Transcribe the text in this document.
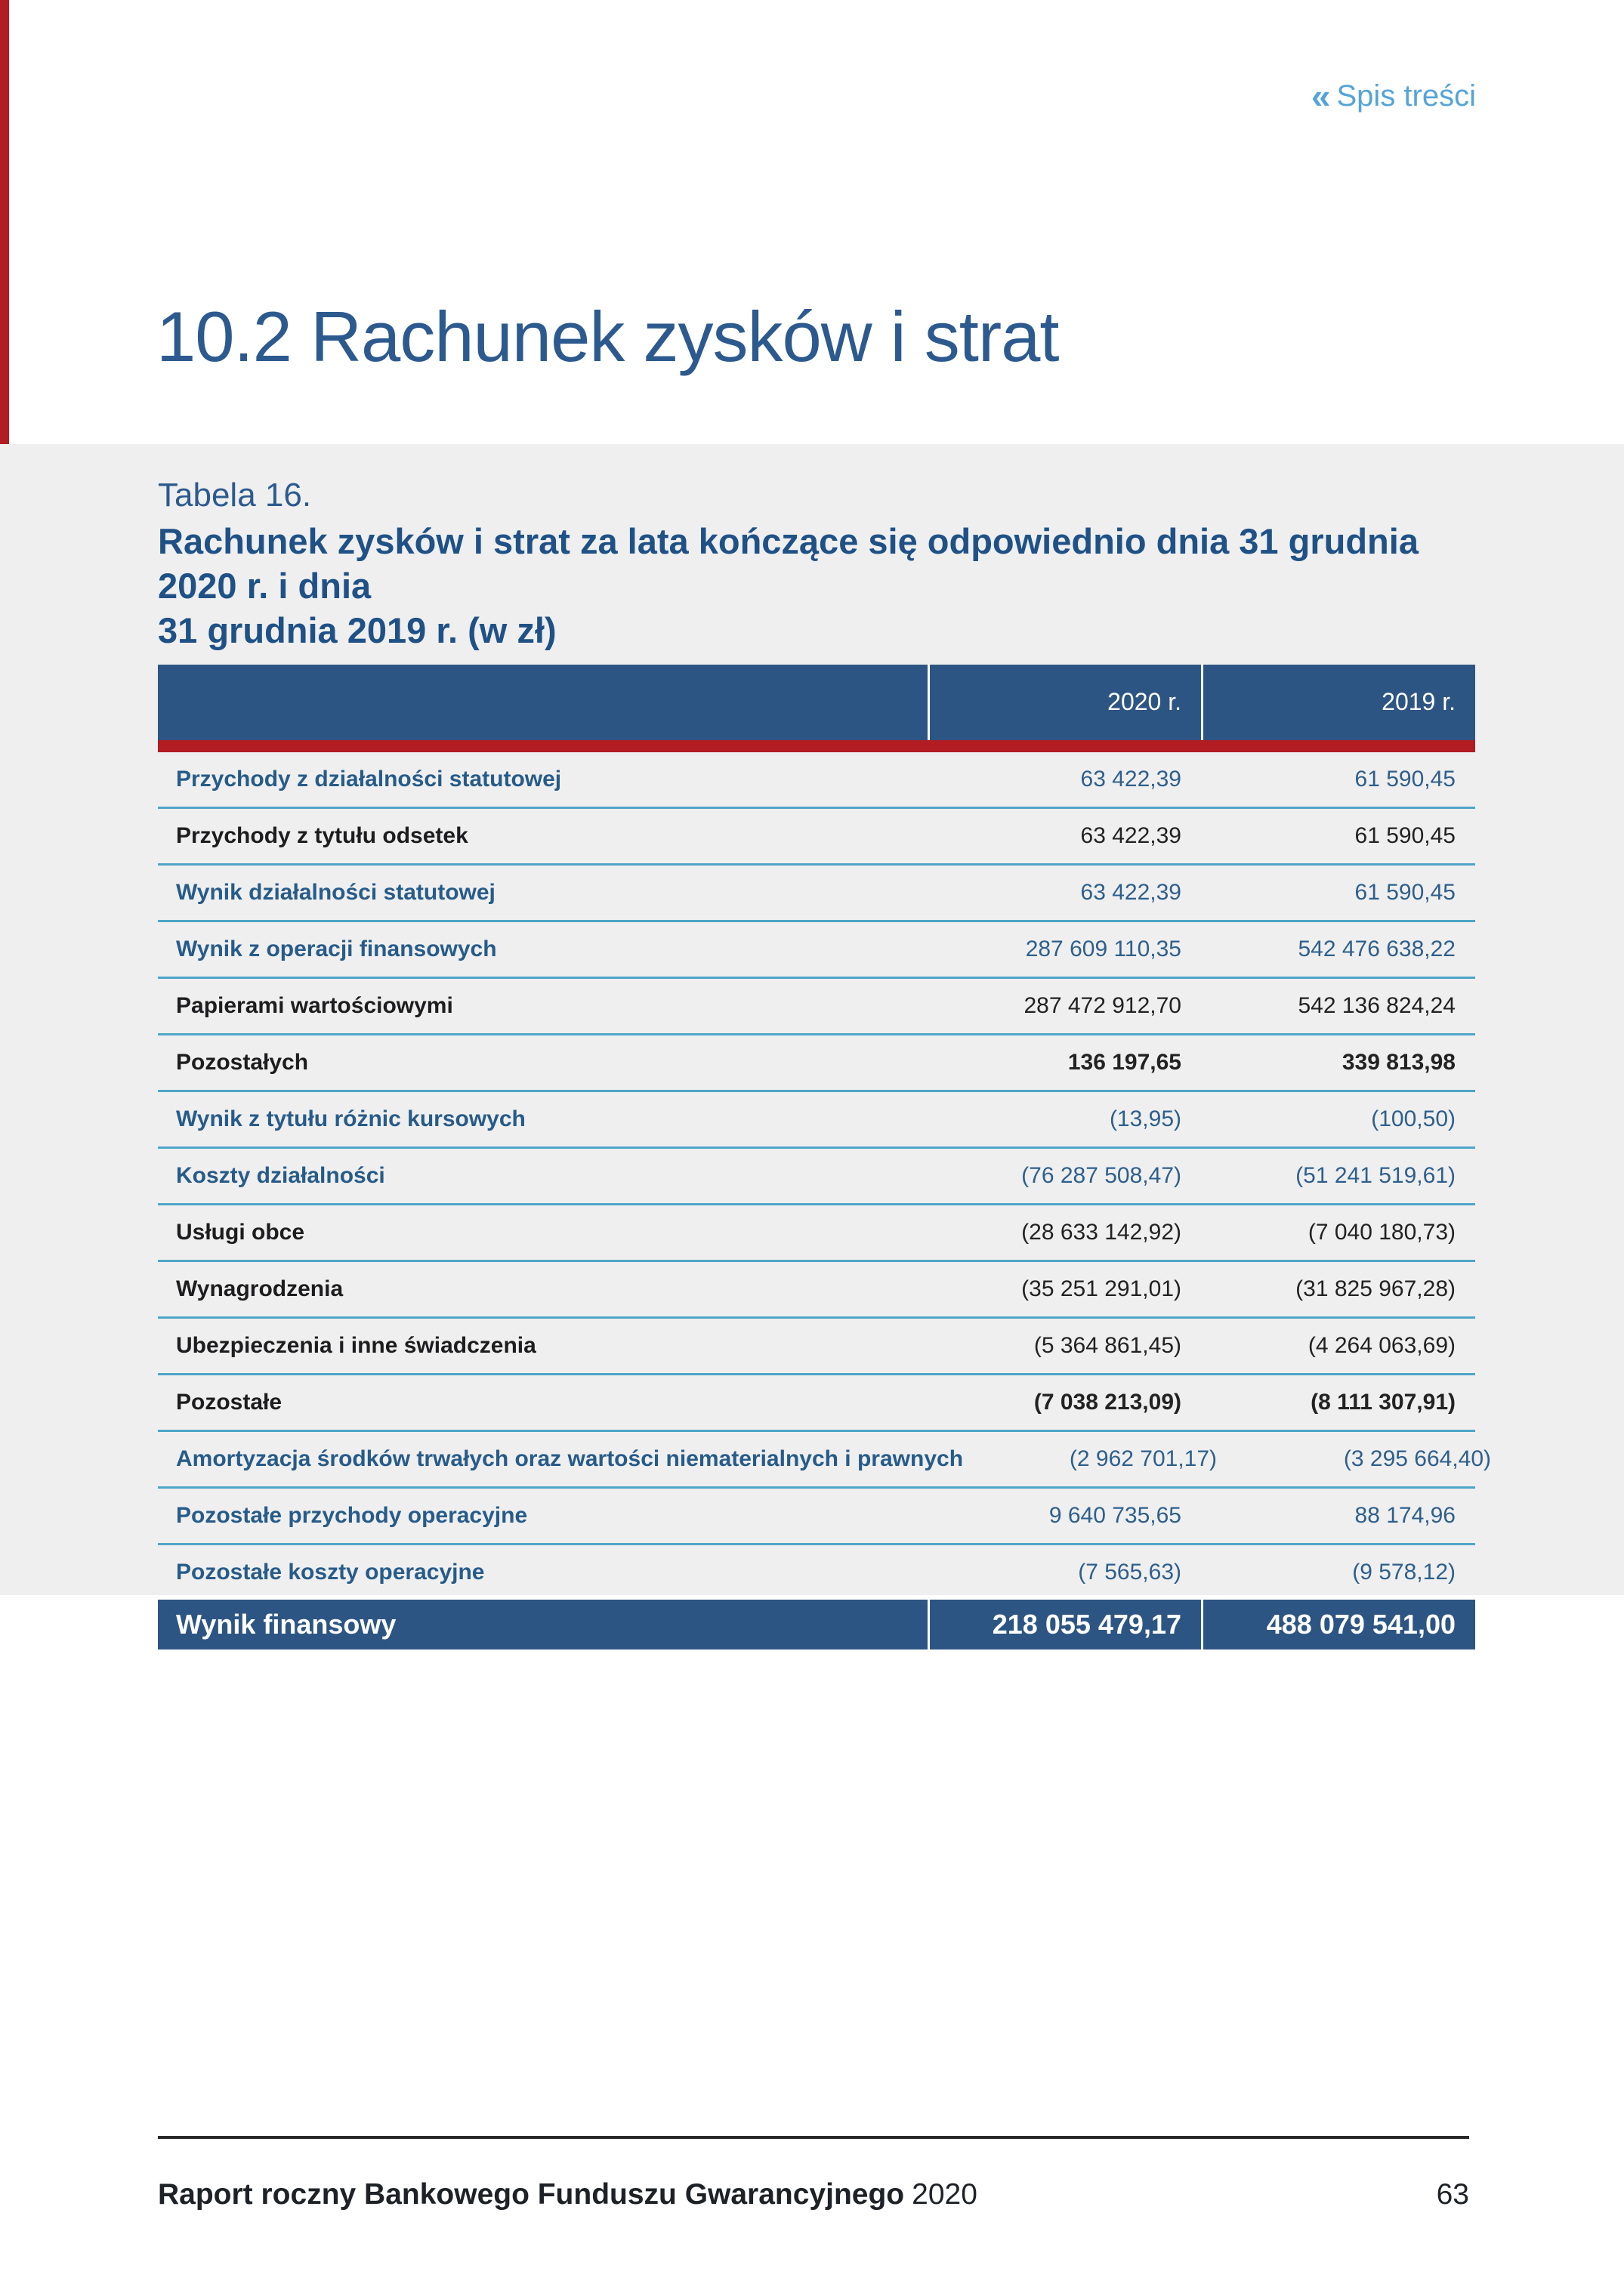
« Spis treści
10.2 Rachunek zysków i strat
Tabela 16.
Rachunek zysków i strat za lata kończące się odpowiednio dnia 31 grudnia 2020 r. i dnia
31 grudnia 2019 r. (w zł)
2020 r.	2019 r.
Przychody z działalności statutowej	63 422,39	61 590,45
Przychody z tytułu odsetek	63 422,39	61 590,45
Wynik działalności statutowej	63 422,39	61 590,45
Wynik z operacji finansowych	287 609 110,35	542 476 638,22
Papierami wartościowymi	287 472 912,70	542 136 824,24
Pozostałych	136 197,65	339 813,98
Wynik z tytułu różnic kursowych	(13,95)	(100,50)
Koszty działalności	(76 287 508,47)	(51 241 519,61)
Usługi obce	(28 633 142,92)	(7 040 180,73)
Wynagrodzenia	(35 251 291,01)	(31 825 967,28)
Ubezpieczenia i inne świadczenia	(5 364 861,45)	(4 264 063,69)
Pozostałe	(7 038 213,09)	(8 111 307,91)
Amortyzacja środków trwałych oraz wartości niematerialnych i prawnych	(2 962 701,17)	(3 295 664,40)
Pozostałe przychody operacyjne	9 640 735,65	88 174,96
Pozostałe koszty operacyjne	(7 565,63)	(9 578,12)
Wynik finansowy	218 055 479,17	488 079 541,00
Raport roczny Bankowego Funduszu Gwarancyjnego 2020	63
